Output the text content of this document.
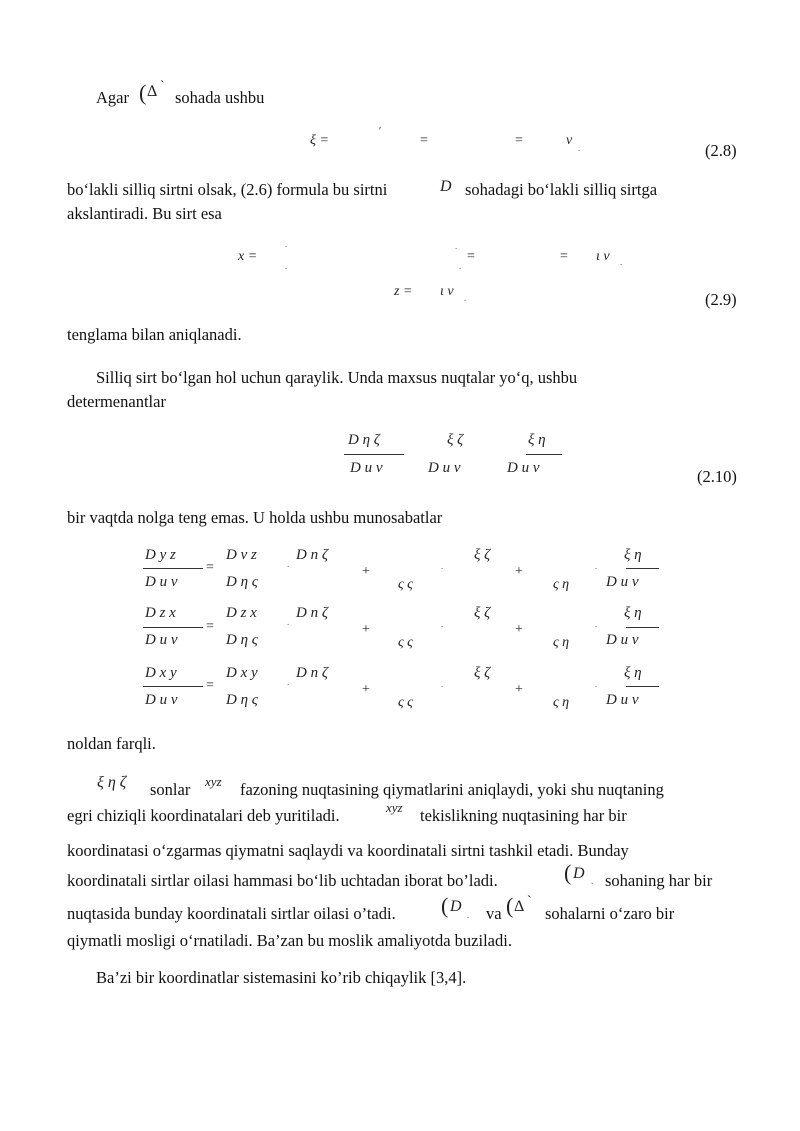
Agar ( Δ `
sohada ushbu
ξ =
′
=	=	v .	(2.8)
bo‘lakli silliq sirtni olsak, (2.6) formula bu sirtni	D sohadagi bo‘lakli silliq sirtga
akslantiradi. Bu sirt esa
x =
.
.
.
=
.
= ι v .
z = ι v .	(2.9)
tenglama bilan aniqlanadi.
Silliq sirt bo‘lgan hol uchun qaraylik. Unda maxsus nuqtalar yo‘q, ushbu
determenantlar
D η ζ
D u v
ξ ζ
D u v
ξ η
D u v	(2.10)
bir vaqtda nolga teng emas. U holda ushbu munosabatlar
D y z
D u v
=
D v z
D η ς
D n ζ
+
ξ ζ
ς ς
+
ξ η
ς η D u v
D z x
D u v
=
D z x
D η ς
D n ζ
+
ξ ζ
ς ς
+
ξ η
ς η D u v
D x y
D u v
=
D x y
D η ς
D n ζ
+
ξ ζ
ς ς
+
ξ η
ς η D u v
.	.	.
.	.	.
.	.	.
noldan farqli.
ξ η ζ sonlar xyz fazoning nuqtasining qiymatlarini aniqlaydi, yoki shu nuqtaning
egri chiziqli koordinatalari deb yuritiladi.	xyz tekislikning nuqtasining har bir
koordinatasi o‘zgarmas qiymatni saqlaydi va koordinatali sirtni tashkil etadi. Bunday
koordinatali sirtlar oilasi hammasi bo‘lib uchtadan iborat bo’ladi.	( D . sohaning har bir
nuqtasida bunday koordinatali sirtlar oilasi o’tadi. ( D . va ( Δ `
sohalarni o‘zaro bir
qiymatli mosligi o‘rnatiladi. Ba’zan bu moslik amaliyotda buziladi.
Ba’zi bir koordinatlar sistemasini ko’rib chiqaylik [3,4].
